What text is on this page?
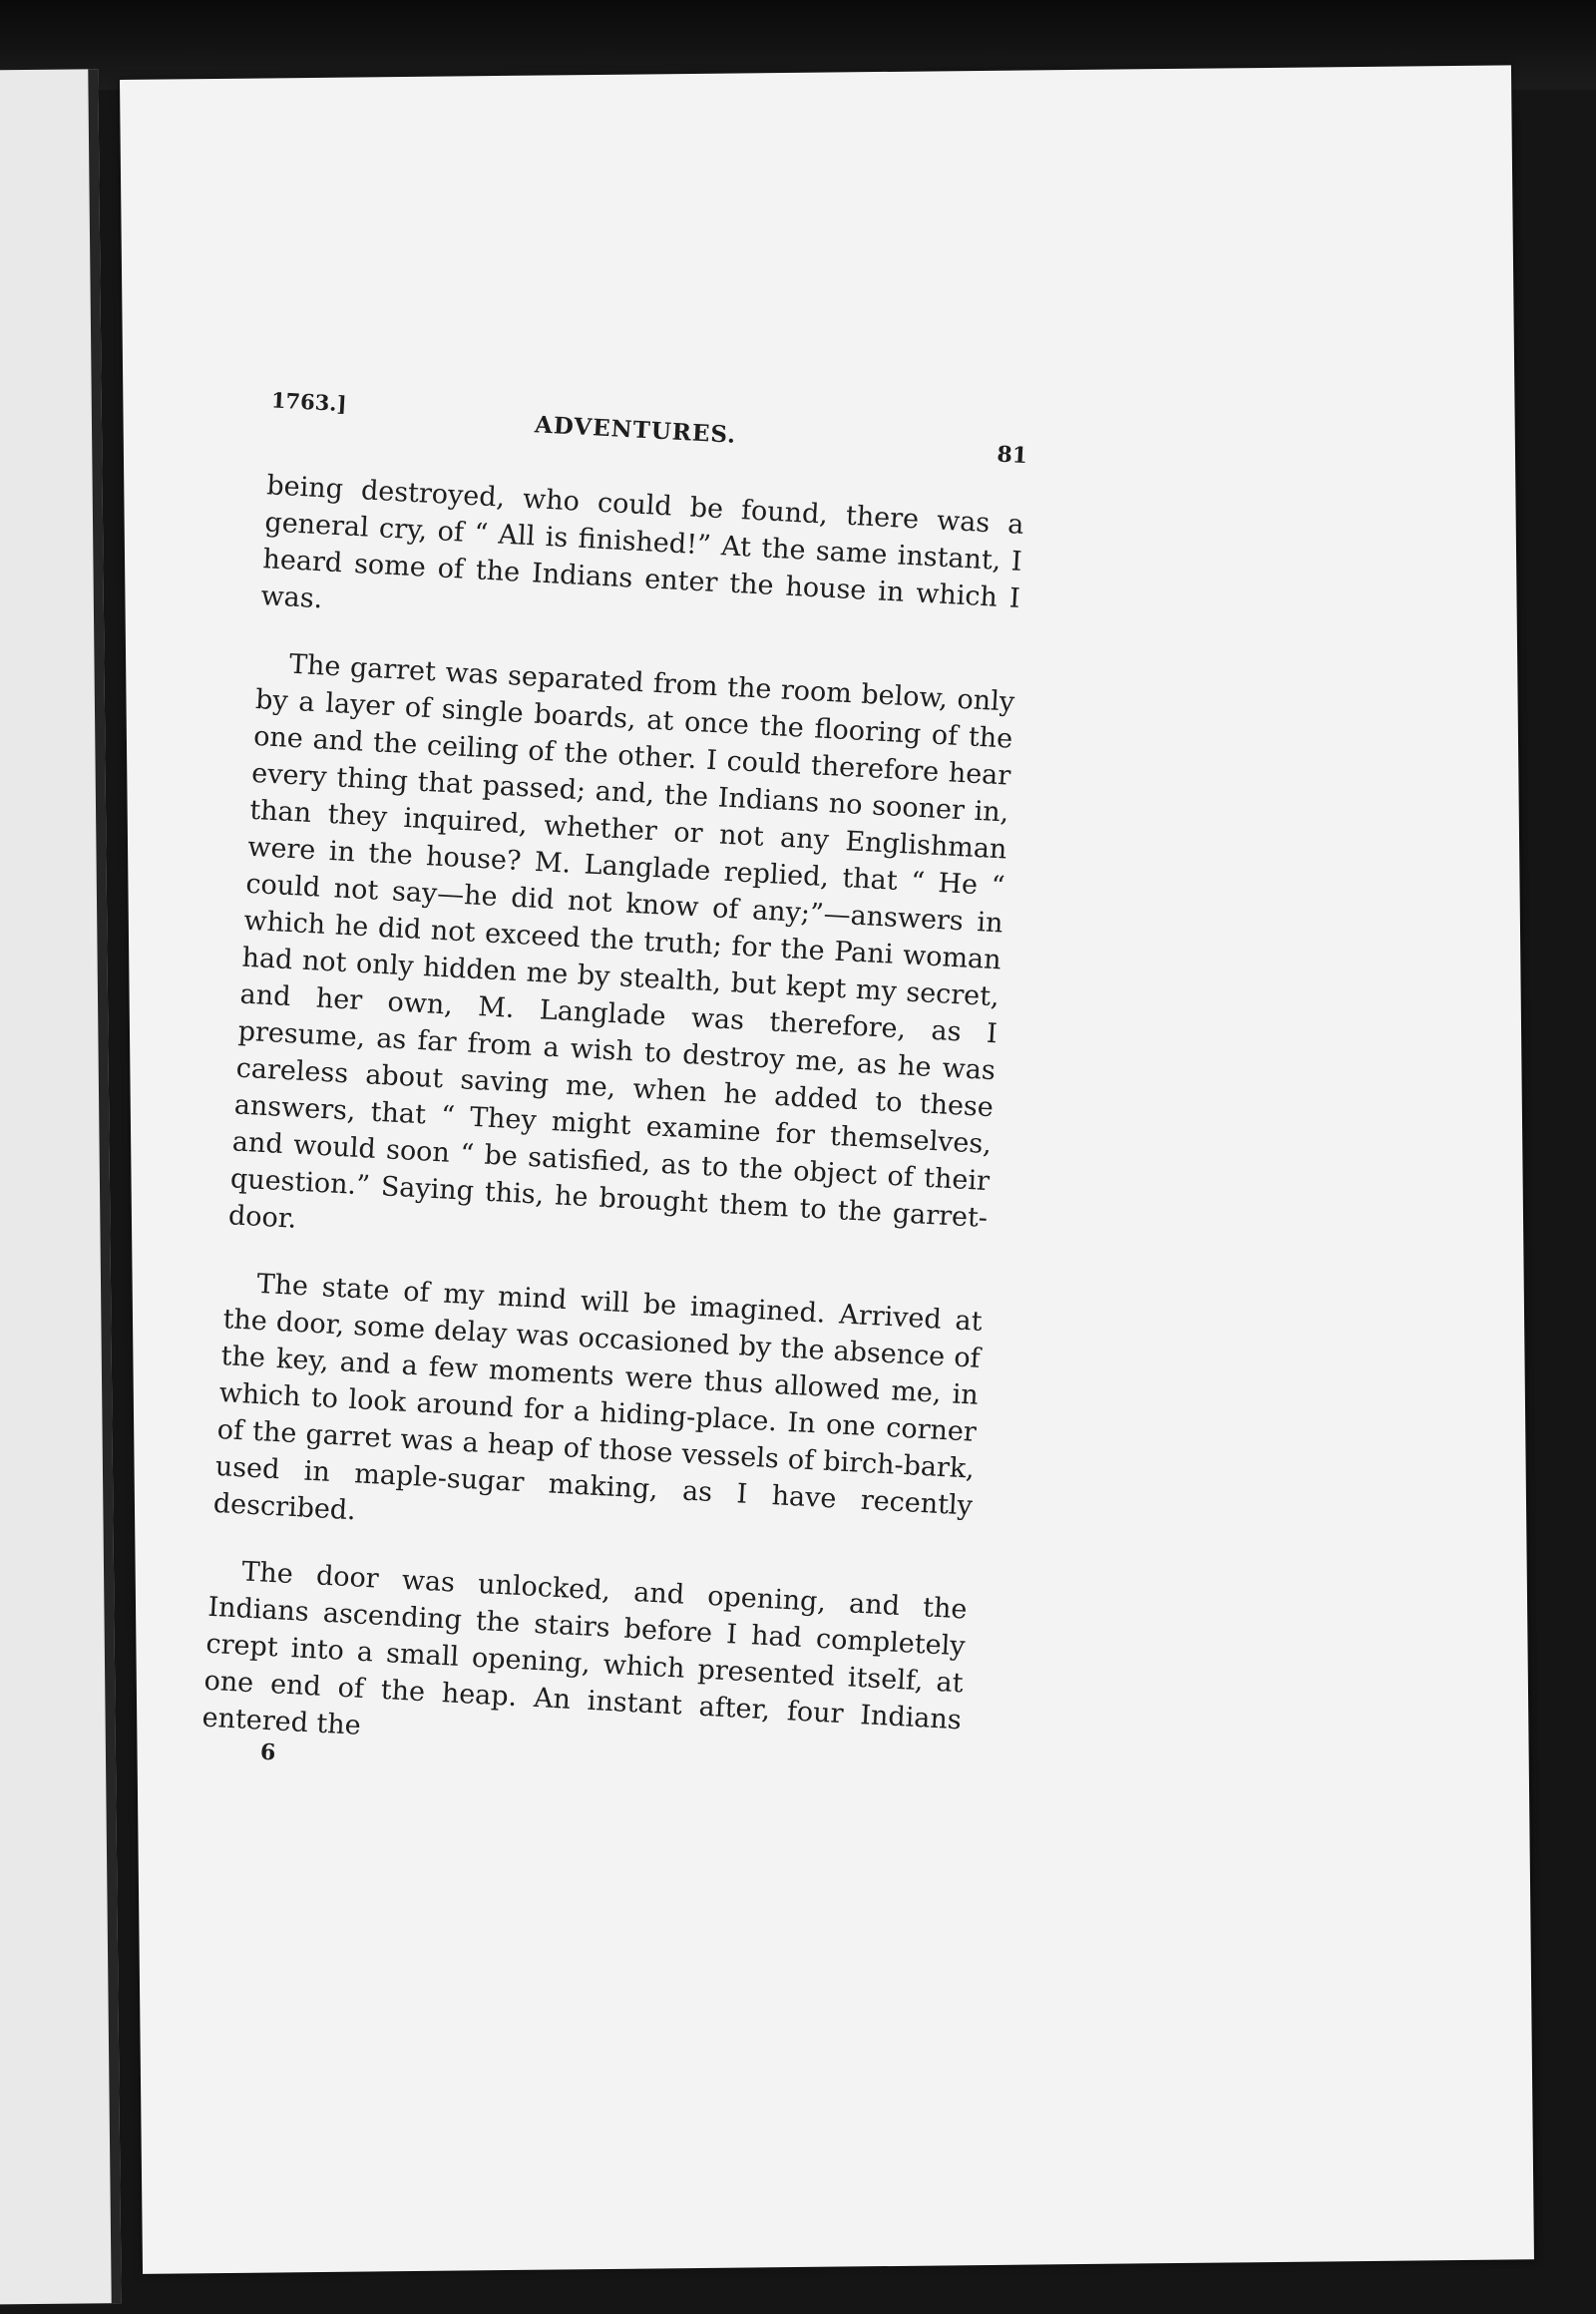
1763.]
ADVENTURES.
81

being destroyed, who could be found, there was a general cry, of “ All is finished!” At the same instant, I heard some of the Indians enter the house in which I was.

The garret was separated from the room below, only by a layer of single boards, at once the flooring of the one and the ceiling of the other. I could therefore hear every thing that passed; and, the Indians no sooner in, than they inquired, whether or not any Englishman were in the house? M. Langlade replied, that “ He “ could not say—he did not know of any;”—answers in which he did not exceed the truth; for the Pani woman had not only hidden me by stealth, but kept my secret, and her own, M. Langlade was therefore, as I presume, as far from a wish to destroy me, as he was careless about saving me, when he added to these answers, that “ They might examine for themselves, and would soon “ be satisfied, as to the object of their question.” Saying this, he brought them to the garret-door.

The state of my mind will be imagined. Arrived at the door, some delay was occasioned by the absence of the key, and a few moments were thus allowed me, in which to look around for a hiding-place. In one corner of the garret was a heap of those vessels of birch-bark, used in maple-sugar making, as I have recently described.

The door was unlocked, and opening, and the Indians ascending the stairs before I had completely crept into a small opening, which presented itself, at one end of the heap. An instant after, four Indians entered the

6
